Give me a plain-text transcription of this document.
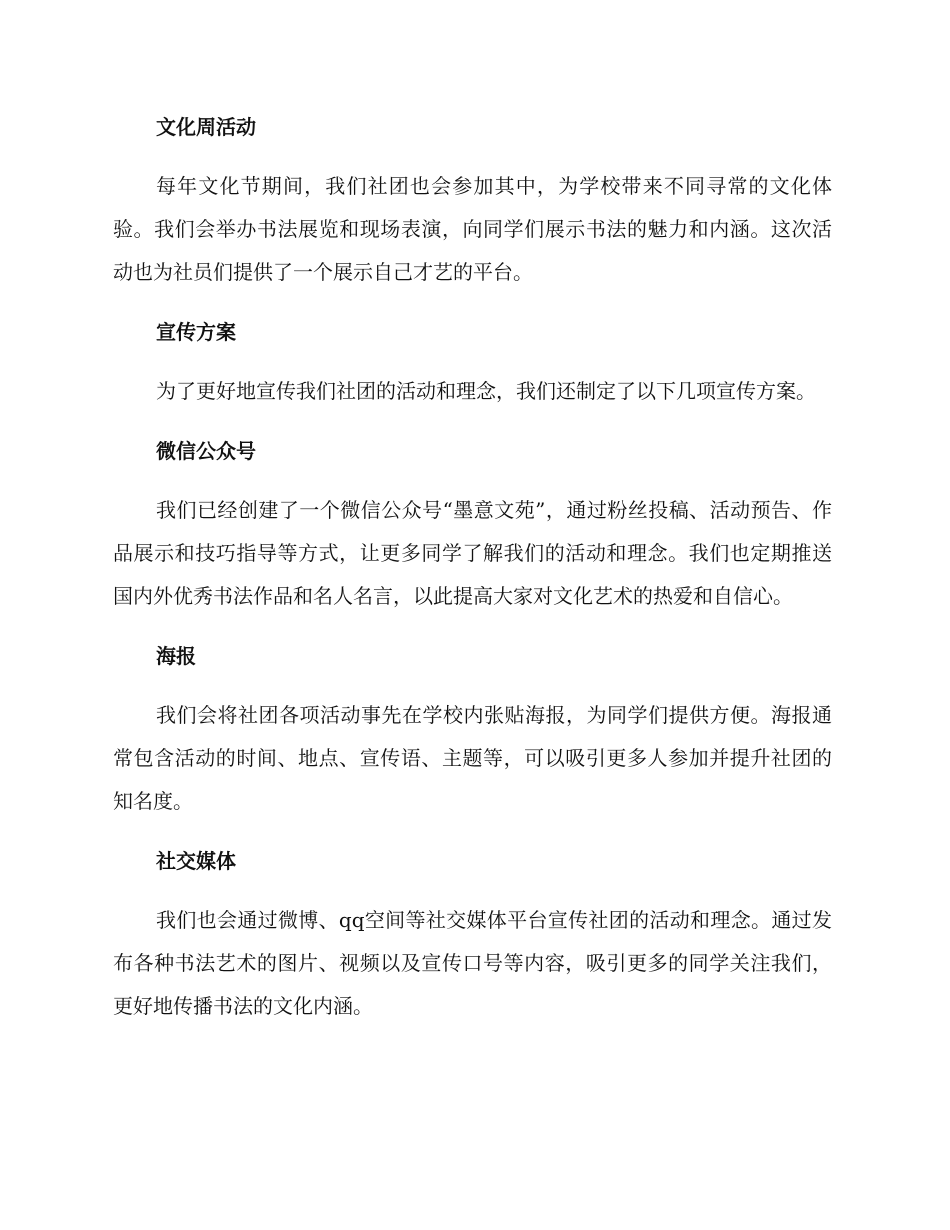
文化周活动

每年文化节期间，我们社团也会参加其中，为学校带来不同寻常的文化体验。我们会举办书法展览和现场表演，向同学们展示书法的魅力和内涵。这次活动也为社员们提供了一个展示自己才艺的平台。

宣传方案

为了更好地宣传我们社团的活动和理念，我们还制定了以下几项宣传方案。

微信公众号

我们已经创建了一个微信公众号“墨意文苑”，通过粉丝投稿、活动预告、作品展示和技巧指导等方式，让更多同学了解我们的活动和理念。我们也定期推送国内外优秀书法作品和名人名言，以此提高大家对文化艺术的热爱和自信心。

海报

我们会将社团各项活动事先在学校内张贴海报，为同学们提供方便。海报通常包含活动的时间、地点、宣传语、主题等，可以吸引更多人参加并提升社团的知名度。

社交媒体

我们也会通过微博、qq空间等社交媒体平台宣传社团的活动和理念。通过发布各种书法艺术的图片、视频以及宣传口号等内容，吸引更多的同学关注我们，更好地传播书法的文化内涵。
